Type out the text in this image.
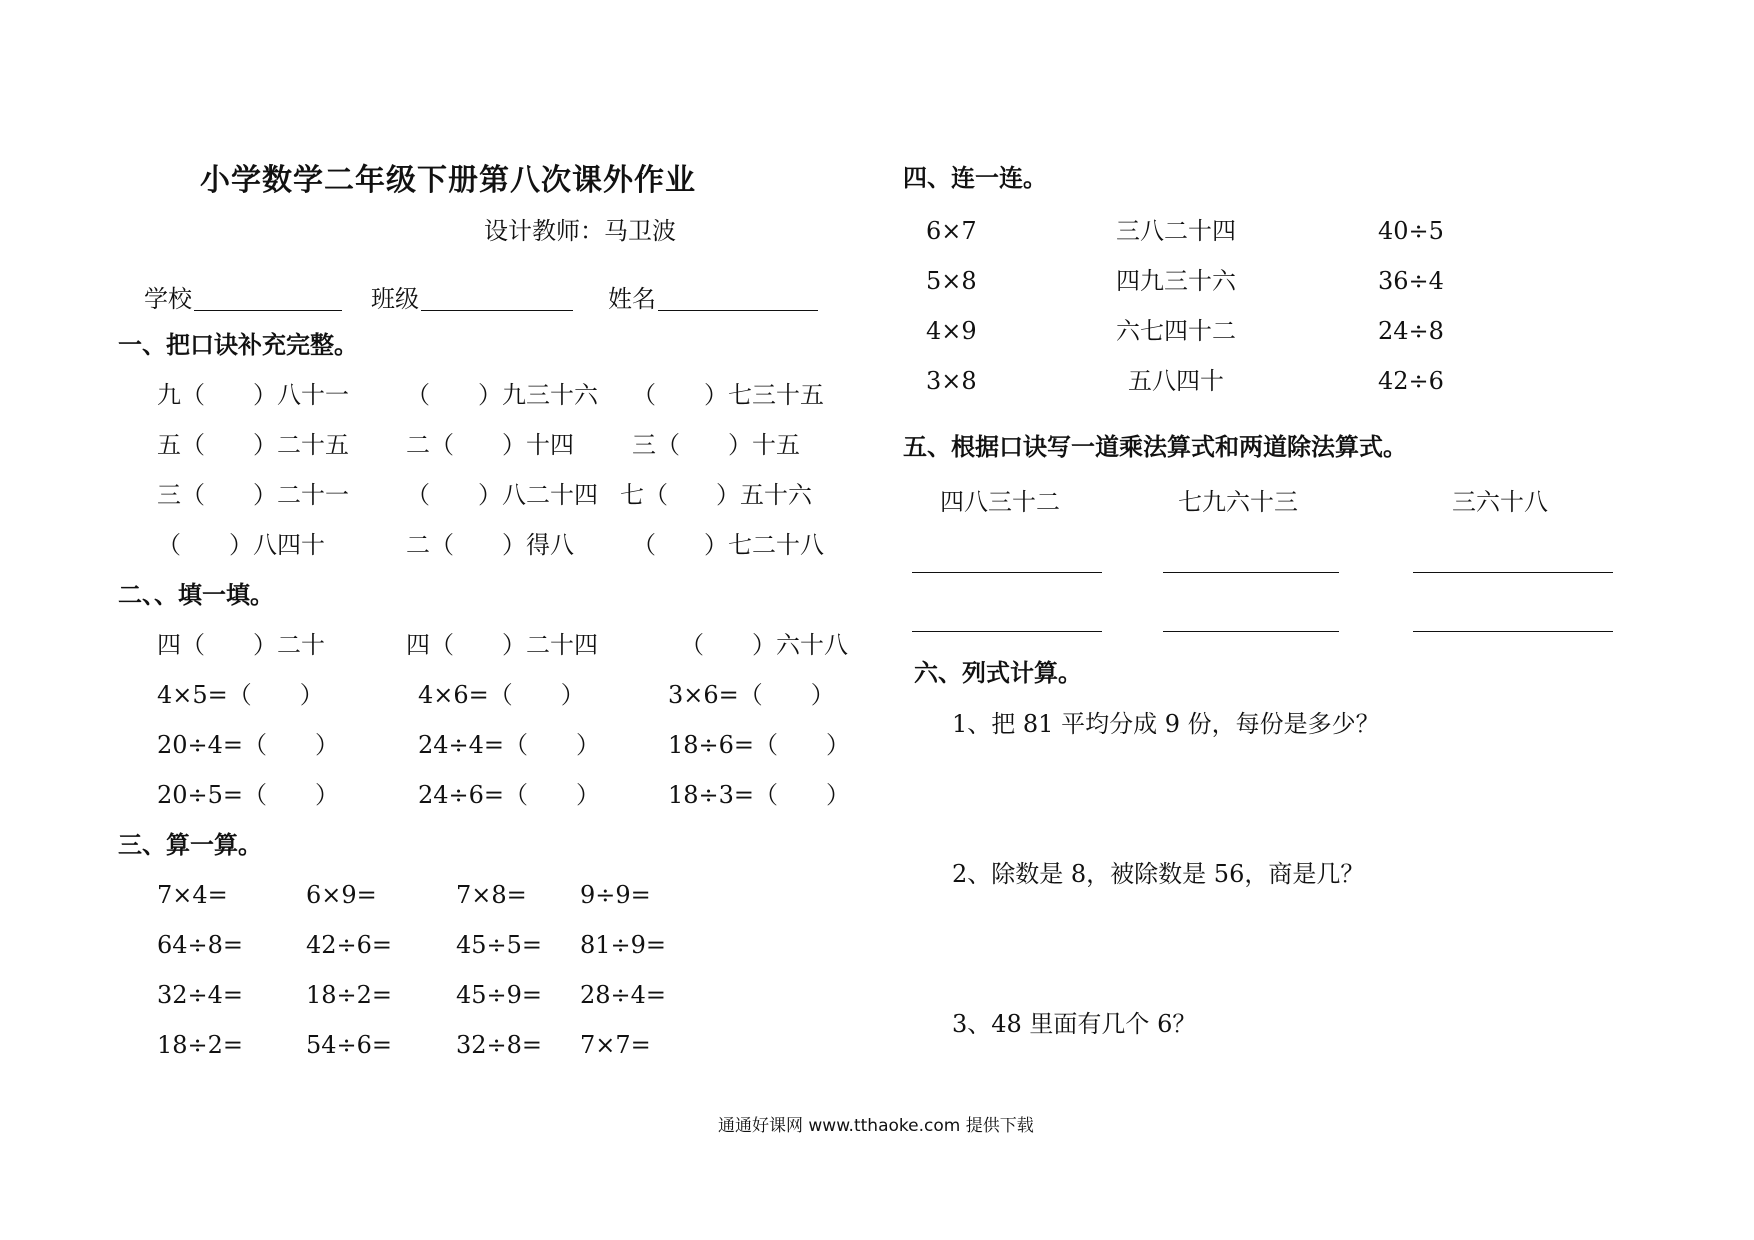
小学数学二年级下册第八次课外作业
设计教师：马卫波
学校	班级	姓名
一、把口诀补充完整。
九（　　）八十一 （　　）九三十六 （　　）七三十五
五（　　）二十五 二（　　）十四 三（　　）十五
三（　　）二十一 （　　）八二十四 七（　　）五十六
（　　）八四十	二（　　）得八 （　　）七二十八
二、、填一填。
四（　　）二十	四（　　）二十四	（　　）六十八
4×5=（　　）	4×6=（　　）	3×6=（　　）
20÷4=（　　）	24÷4=（　　）	18÷6=（　　）
20÷5=（　　）	24÷6=（　　）	18÷3=（　　）
三、算一算。
7×4=	6×9=	7×8= 9÷9=
64÷8=	42÷6=	45÷5= 81÷9=
32÷4=	18÷2=	45÷9= 28÷4=
18÷2=	54÷6=	32÷8= 7×7=
四、连一连。
6×7	三八二十四	40÷5
5×8	四九三十六	36÷4
4×9	六七四十二	24÷8
3×8	五八四十	42÷6
五、根据口诀写一道乘法算式和两道除法算式。
四八三十二	七九六十三	三六十八
六、列式计算。
1、把 81 平均分成 9 份，每份是多少？
2、除数是 8，被除数是 56，商是几？
3、48 里面有几个 6？
通通好课网 www.tthaoke.com 提供下载
